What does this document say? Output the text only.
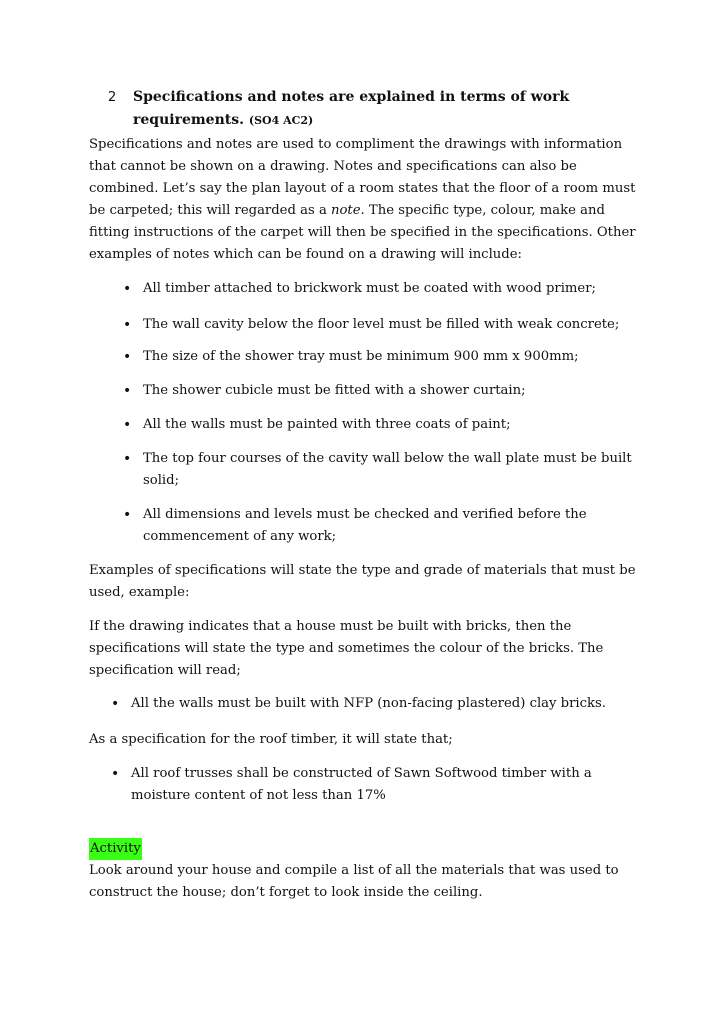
2	Specifications and notes are explained in terms of work
requirements. (SO4 AC2)

Specifications and notes are used to compliment the drawings with information that cannot be shown on a drawing. Notes and specifications can also be combined. Let’s say the plan layout of a room states that the floor of a room must be carpeted; this will regarded as a note. The specific type, colour, make and fitting instructions of the carpet will then be specified in the specifications. Other examples of notes which can be found on a drawing will include:

• All timber attached to brickwork must be coated with wood primer;

• The wall cavity below the floor level must be filled with weak concrete;

• The size of the shower tray must be minimum 900 mm x 900mm;

• The shower cubicle must be fitted with a shower curtain;

• All the walls must be painted with three coats of paint;

• The top four courses of the cavity wall below the wall plate must be built solid;

• All dimensions and levels must be checked and verified before the commencement of any work;

Examples of specifications will state the type and grade of materials that must be used, example:

If the drawing indicates that a house must be built with bricks, then the specifications will state the type and sometimes the colour of the bricks. The specification will read;

• All the walls must be built with NFP (non-facing plastered) clay bricks.

As a specification for the roof timber, it will state that;

• All roof trusses shall be constructed of Sawn Softwood timber with a moisture content of not less than 17%

Activity

Look around your house and compile a list of all the materials that was used to construct the house; don’t forget to look inside the ceiling.
